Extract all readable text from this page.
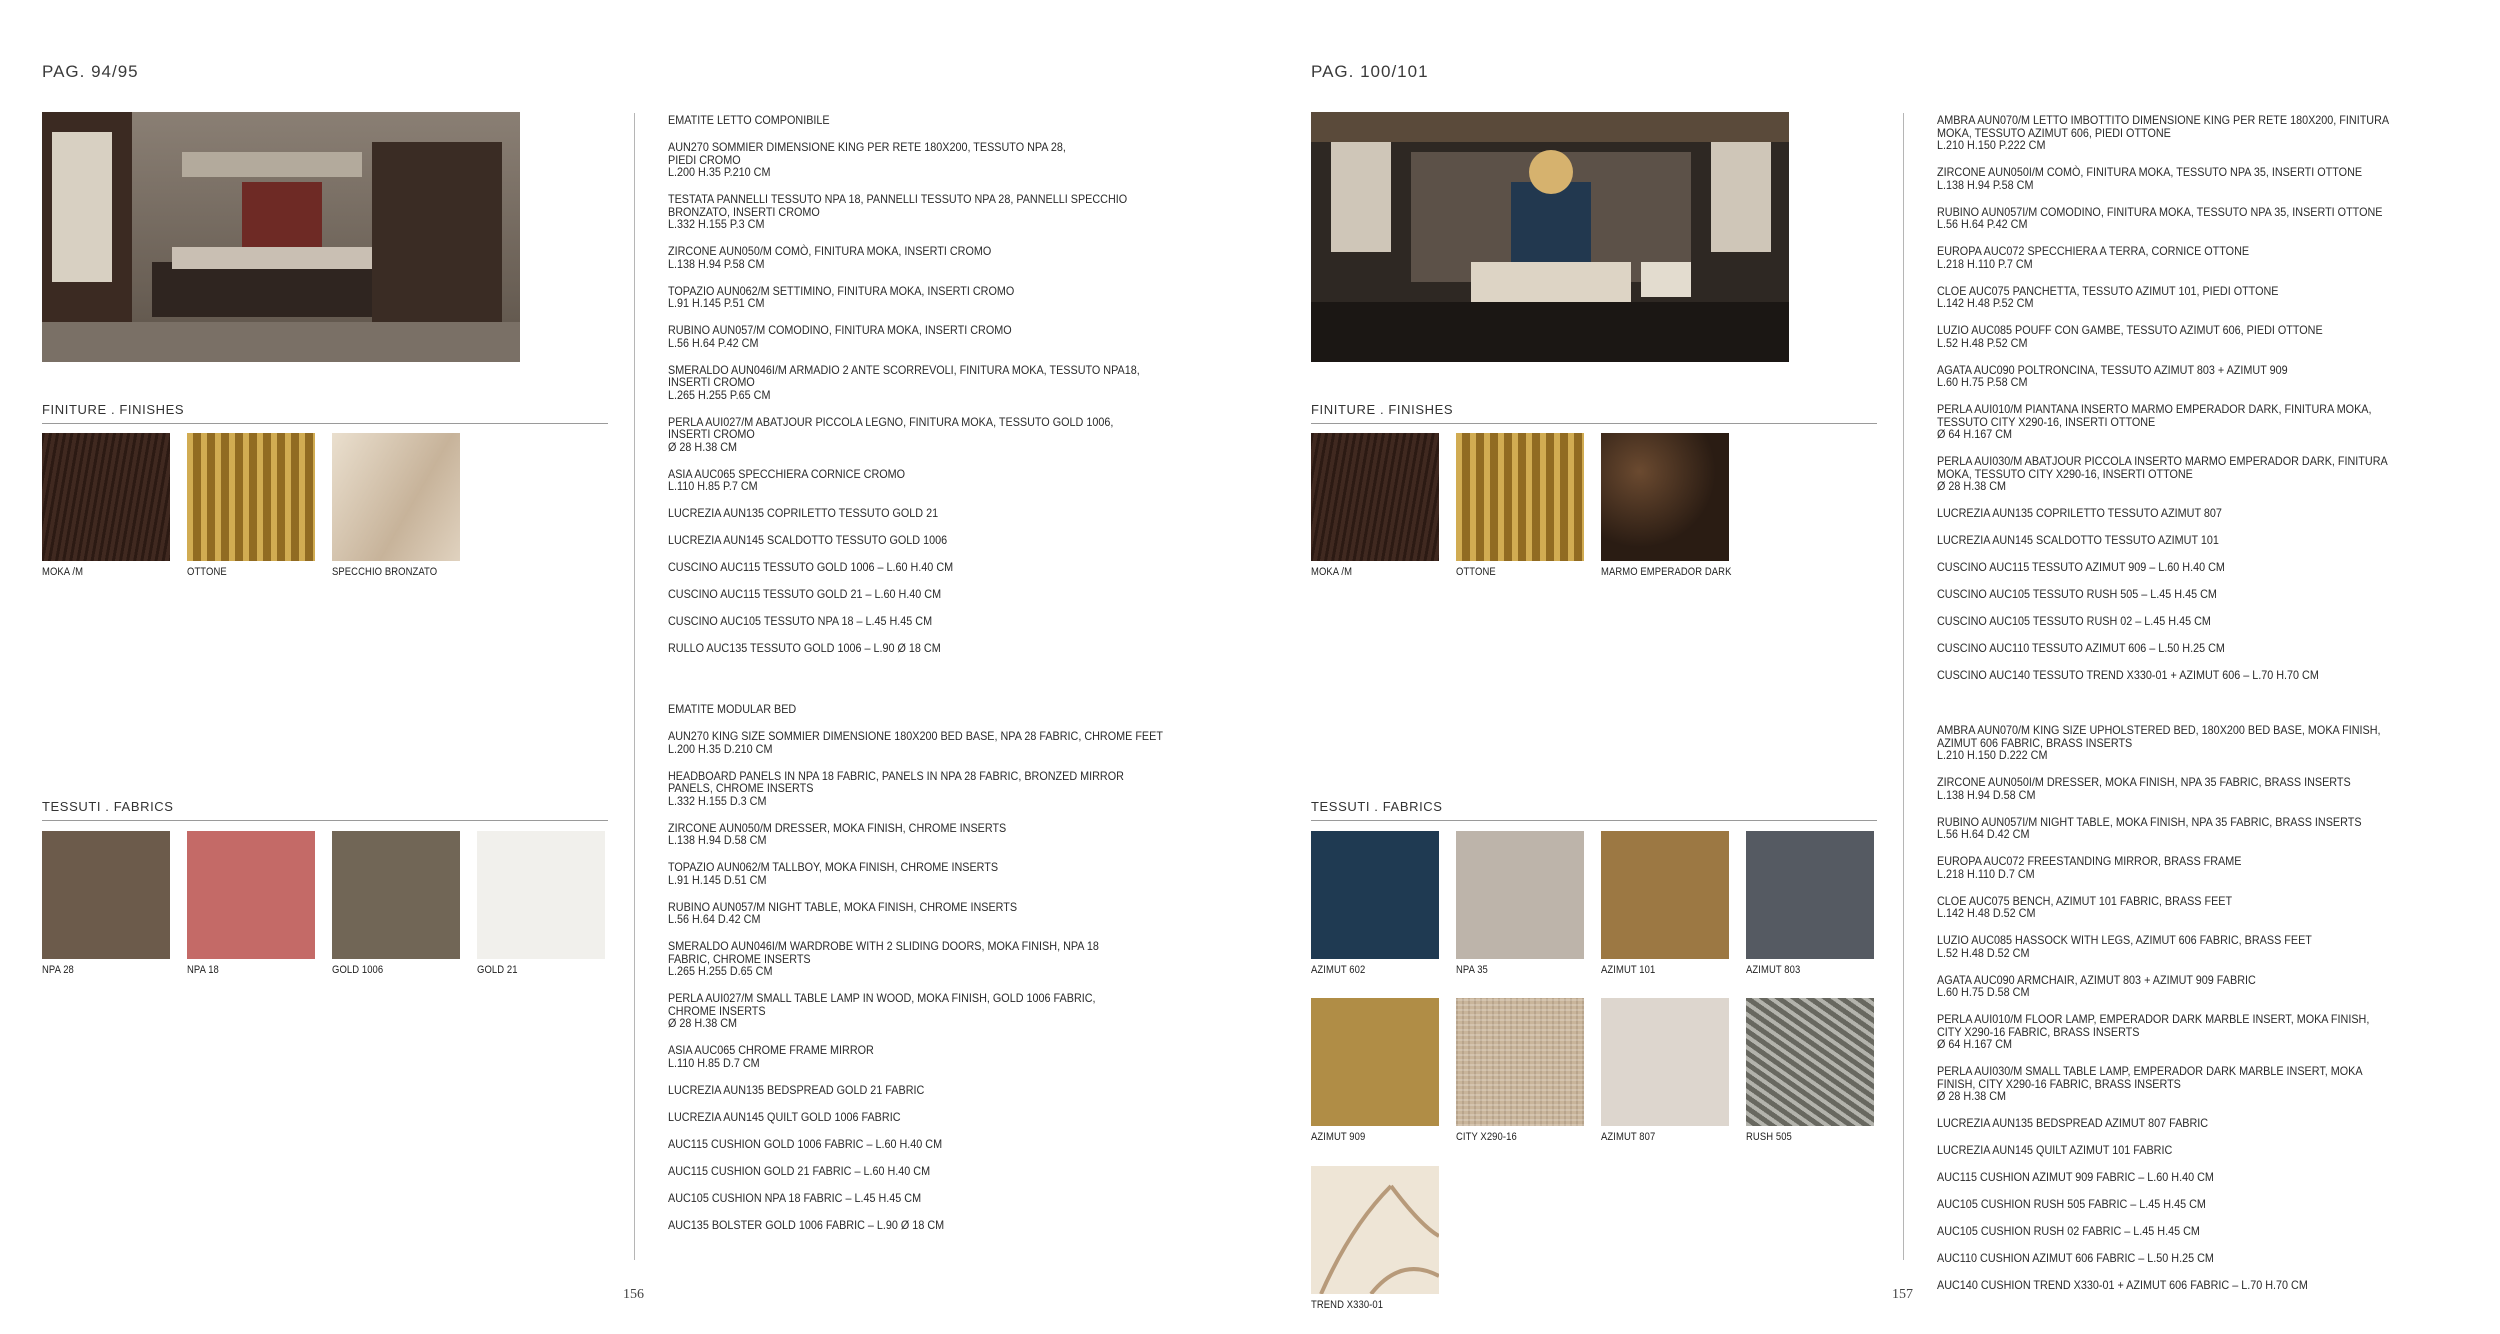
PAG. 94/95
FINITURE . FINISHES
MOKA /M	OTTONE	SPECCHIO BRONZATO
TESSUTI . FABRICS
NPA 28	NPA 18	GOLD 1006	GOLD 21
156
EMATITE LETTO COMPONIBILE
AUN270 SOMMIER DIMENSIONE KING PER RETE 180X200, TESSUTO NPA 28,
PIEDI CROMO
L.200 H.35 P.210 CM
TESTATA PANNELLI TESSUTO NPA 18, PANNELLI TESSUTO NPA 28, PANNELLI SPECCHIO
BRONZATO, INSERTI CROMO
L.332 H.155 P.3 CM
ZIRCONE AUN050/M COMÒ, FINITURA MOKA, INSERTI CROMO
L.138 H.94 P.58 CM
TOPAZIO AUN062/M SETTIMINO, FINITURA MOKA, INSERTI CROMO
L.91 H.145 P.51 CM
RUBINO AUN057/M COMODINO, FINITURA MOKA, INSERTI CROMO
L.56 H.64 P.42 CM
SMERALDO AUN046I/M ARMADIO 2 ANTE SCORREVOLI, FINITURA MOKA, TESSUTO NPA18,
INSERTI CROMO
L.265 H.255 P.65 CM
PERLA AUI027/M ABATJOUR PICCOLA LEGNO, FINITURA MOKA, TESSUTO GOLD 1006,
INSERTI CROMO
Ø 28 H.38 CM
ASIA AUC065 SPECCHIERA CORNICE CROMO
L.110 H.85 P.7 CM
LUCREZIA AUN135 COPRILETTO TESSUTO GOLD 21
LUCREZIA AUN145 SCALDOTTO TESSUTO GOLD 1006
CUSCINO AUC115 TESSUTO GOLD 1006 – L.60 H.40 CM
CUSCINO AUC115 TESSUTO GOLD 21 – L.60 H.40 CM
CUSCINO AUC105 TESSUTO NPA 18 – L.45 H.45 CM
RULLO AUC135 TESSUTO GOLD 1006 – L.90 Ø 18 CM
EMATITE MODULAR BED
AUN270 KING SIZE SOMMIER DIMENSIONE 180X200 BED BASE, NPA 28 FABRIC, CHROME FEET
L.200 H.35 D.210 CM
HEADBOARD PANELS IN NPA 18 FABRIC, PANELS IN NPA 28 FABRIC, BRONZED MIRROR
PANELS, CHROME INSERTS
L.332 H.155 D.3 CM
ZIRCONE AUN050/M DRESSER, MOKA FINISH, CHROME INSERTS
L.138 H.94 D.58 CM
TOPAZIO AUN062/M TALLBOY, MOKA FINISH, CHROME INSERTS
L.91 H.145 D.51 CM
RUBINO AUN057/M NIGHT TABLE, MOKA FINISH, CHROME INSERTS
L.56 H.64 D.42 CM
SMERALDO AUN046I/M WARDROBE WITH 2 SLIDING DOORS, MOKA FINISH, NPA 18
FABRIC, CHROME INSERTS
L.265 H.255 D.65 CM
PERLA AUI027/M SMALL TABLE LAMP IN WOOD, MOKA FINISH, GOLD 1006 FABRIC,
CHROME INSERTS
Ø 28 H.38 CM
ASIA AUC065 CHROME FRAME MIRROR
L.110 H.85 D.7 CM
LUCREZIA AUN135 BEDSPREAD GOLD 21 FABRIC
LUCREZIA AUN145 QUILT GOLD 1006 FABRIC
AUC115 CUSHION GOLD 1006 FABRIC – L.60 H.40 CM
AUC115 CUSHION GOLD 21 FABRIC – L.60 H.40 CM
AUC105 CUSHION NPA 18 FABRIC – L.45 H.45 CM
AUC135 BOLSTER GOLD 1006 FABRIC – L.90 Ø 18 CM
PAG. 100/101
FINITURE . FINISHES
MOKA /M	OTTONE	MARMO EMPERADOR DARK
TESSUTI . FABRICS
AZIMUT 602	NPA 35	AZIMUT 101	AZIMUT 803
AZIMUT 909	CITY X290-16	AZIMUT 807	RUSH 505
TREND X330-01
157
AMBRA AUN070/M LETTO IMBOTTITO DIMENSIONE KING PER RETE 180X200, FINITURA
MOKA, TESSUTO AZIMUT 606, PIEDI OTTONE
L.210 H.150 P.222 CM
ZIRCONE AUN050I/M COMÒ, FINITURA MOKA, TESSUTO NPA 35, INSERTI OTTONE
L.138 H.94 P.58 CM
RUBINO AUN057I/M COMODINO, FINITURA MOKA, TESSUTO NPA 35, INSERTI OTTONE
L.56 H.64 P.42 CM
EUROPA AUC072 SPECCHIERA A TERRA, CORNICE OTTONE
L.218 H.110 P.7 CM
CLOE AUC075 PANCHETTA, TESSUTO AZIMUT 101, PIEDI OTTONE
L.142 H.48 P.52 CM
LUZIO AUC085 POUFF CON GAMBE, TESSUTO AZIMUT 606, PIEDI OTTONE
L.52 H.48 P.52 CM
AGATA AUC090 POLTRONCINA, TESSUTO AZIMUT 803 + AZIMUT 909
L.60 H.75 P.58 CM
PERLA AUI010/M PIANTANA INSERTO MARMO EMPERADOR DARK, FINITURA MOKA,
TESSUTO CITY X290-16, INSERTI OTTONE
Ø 64 H.167 CM
PERLA AUI030/M ABATJOUR PICCOLA INSERTO MARMO EMPERADOR DARK, FINITURA
MOKA, TESSUTO CITY X290-16, INSERTI OTTONE
Ø 28 H.38 CM
LUCREZIA AUN135 COPRILETTO TESSUTO AZIMUT 807
LUCREZIA AUN145 SCALDOTTO TESSUTO AZIMUT 101
CUSCINO AUC115 TESSUTO AZIMUT 909 – L.60 H.40 CM
CUSCINO AUC105 TESSUTO RUSH 505 – L.45 H.45 CM
CUSCINO AUC105 TESSUTO RUSH 02 – L.45 H.45 CM
CUSCINO AUC110 TESSUTO AZIMUT 606 – L.50 H.25 CM
CUSCINO AUC140 TESSUTO TREND X330-01 + AZIMUT 606 – L.70 H.70 CM
AMBRA AUN070/M KING SIZE UPHOLSTERED BED, 180X200 BED BASE, MOKA FINISH,
AZIMUT 606 FABRIC, BRASS INSERTS
L.210 H.150 D.222 CM
ZIRCONE AUN050I/M DRESSER, MOKA FINISH, NPA 35 FABRIC, BRASS INSERTS
L.138 H.94 D.58 CM
RUBINO AUN057I/M NIGHT TABLE, MOKA FINISH, NPA 35 FABRIC, BRASS INSERTS
L.56 H.64 D.42 CM
EUROPA AUC072 FREESTANDING MIRROR, BRASS FRAME
L.218 H.110 D.7 CM
CLOE AUC075 BENCH, AZIMUT 101 FABRIC, BRASS FEET
L.142 H.48 D.52 CM
LUZIO AUC085 HASSOCK WITH LEGS, AZIMUT 606 FABRIC, BRASS FEET
L.52 H.48 D.52 CM
AGATA AUC090 ARMCHAIR, AZIMUT 803 + AZIMUT 909 FABRIC
L.60 H.75 D.58 CM
PERLA AUI010/M FLOOR LAMP, EMPERADOR DARK MARBLE INSERT, MOKA FINISH,
CITY X290-16 FABRIC, BRASS INSERTS
Ø 64 H.167 CM
PERLA AUI030/M SMALL TABLE LAMP, EMPERADOR DARK MARBLE INSERT, MOKA
FINISH, CITY X290-16 FABRIC, BRASS INSERTS
Ø 28 H.38 CM
LUCREZIA AUN135 BEDSPREAD AZIMUT 807 FABRIC
LUCREZIA AUN145 QUILT AZIMUT 101 FABRIC
AUC115 CUSHION AZIMUT 909 FABRIC – L.60 H.40 CM
AUC105 CUSHION RUSH 505 FABRIC – L.45 H.45 CM
AUC105 CUSHION RUSH 02 FABRIC – L.45 H.45 CM
AUC110 CUSHION AZIMUT 606 FABRIC – L.50 H.25 CM
AUC140 CUSHION TREND X330-01 + AZIMUT 606 FABRIC – L.70 H.70 CM
